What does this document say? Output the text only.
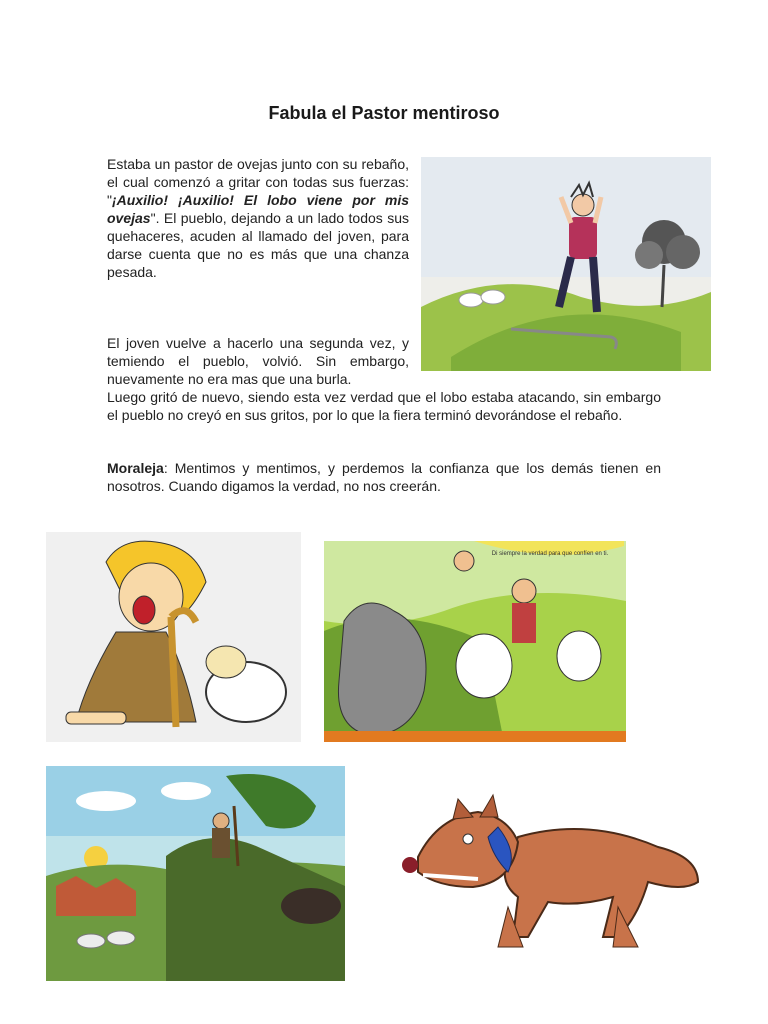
Fabula el Pastor mentiroso

Estaba un pastor de ovejas junto con su rebaño, el cual comenzó a gritar con todas sus fuerzas: "¡Auxilio! ¡Auxilio! El lobo viene por mis ovejas". El pueblo, dejando a un lado todos sus quehaceres, acuden al llamado del joven, para darse cuenta que no es más que una chanza pesada.

El joven vuelve a hacerlo una segunda vez, y temiendo el pueblo, volvió. Sin embargo, nuevamente no era mas que una burla.

Luego gritó de nuevo, siendo esta vez verdad que el lobo estaba atacando, sin embargo el pueblo no creyó en sus gritos, por lo que la fiera terminó devorándose el rebaño.

Moraleja: Mentimos y mentimos, y perdemos la confianza que los demás tienen en nosotros. Cuando digamos la verdad, no nos creerán.

Di siempre la verdad para que confíen en ti.
